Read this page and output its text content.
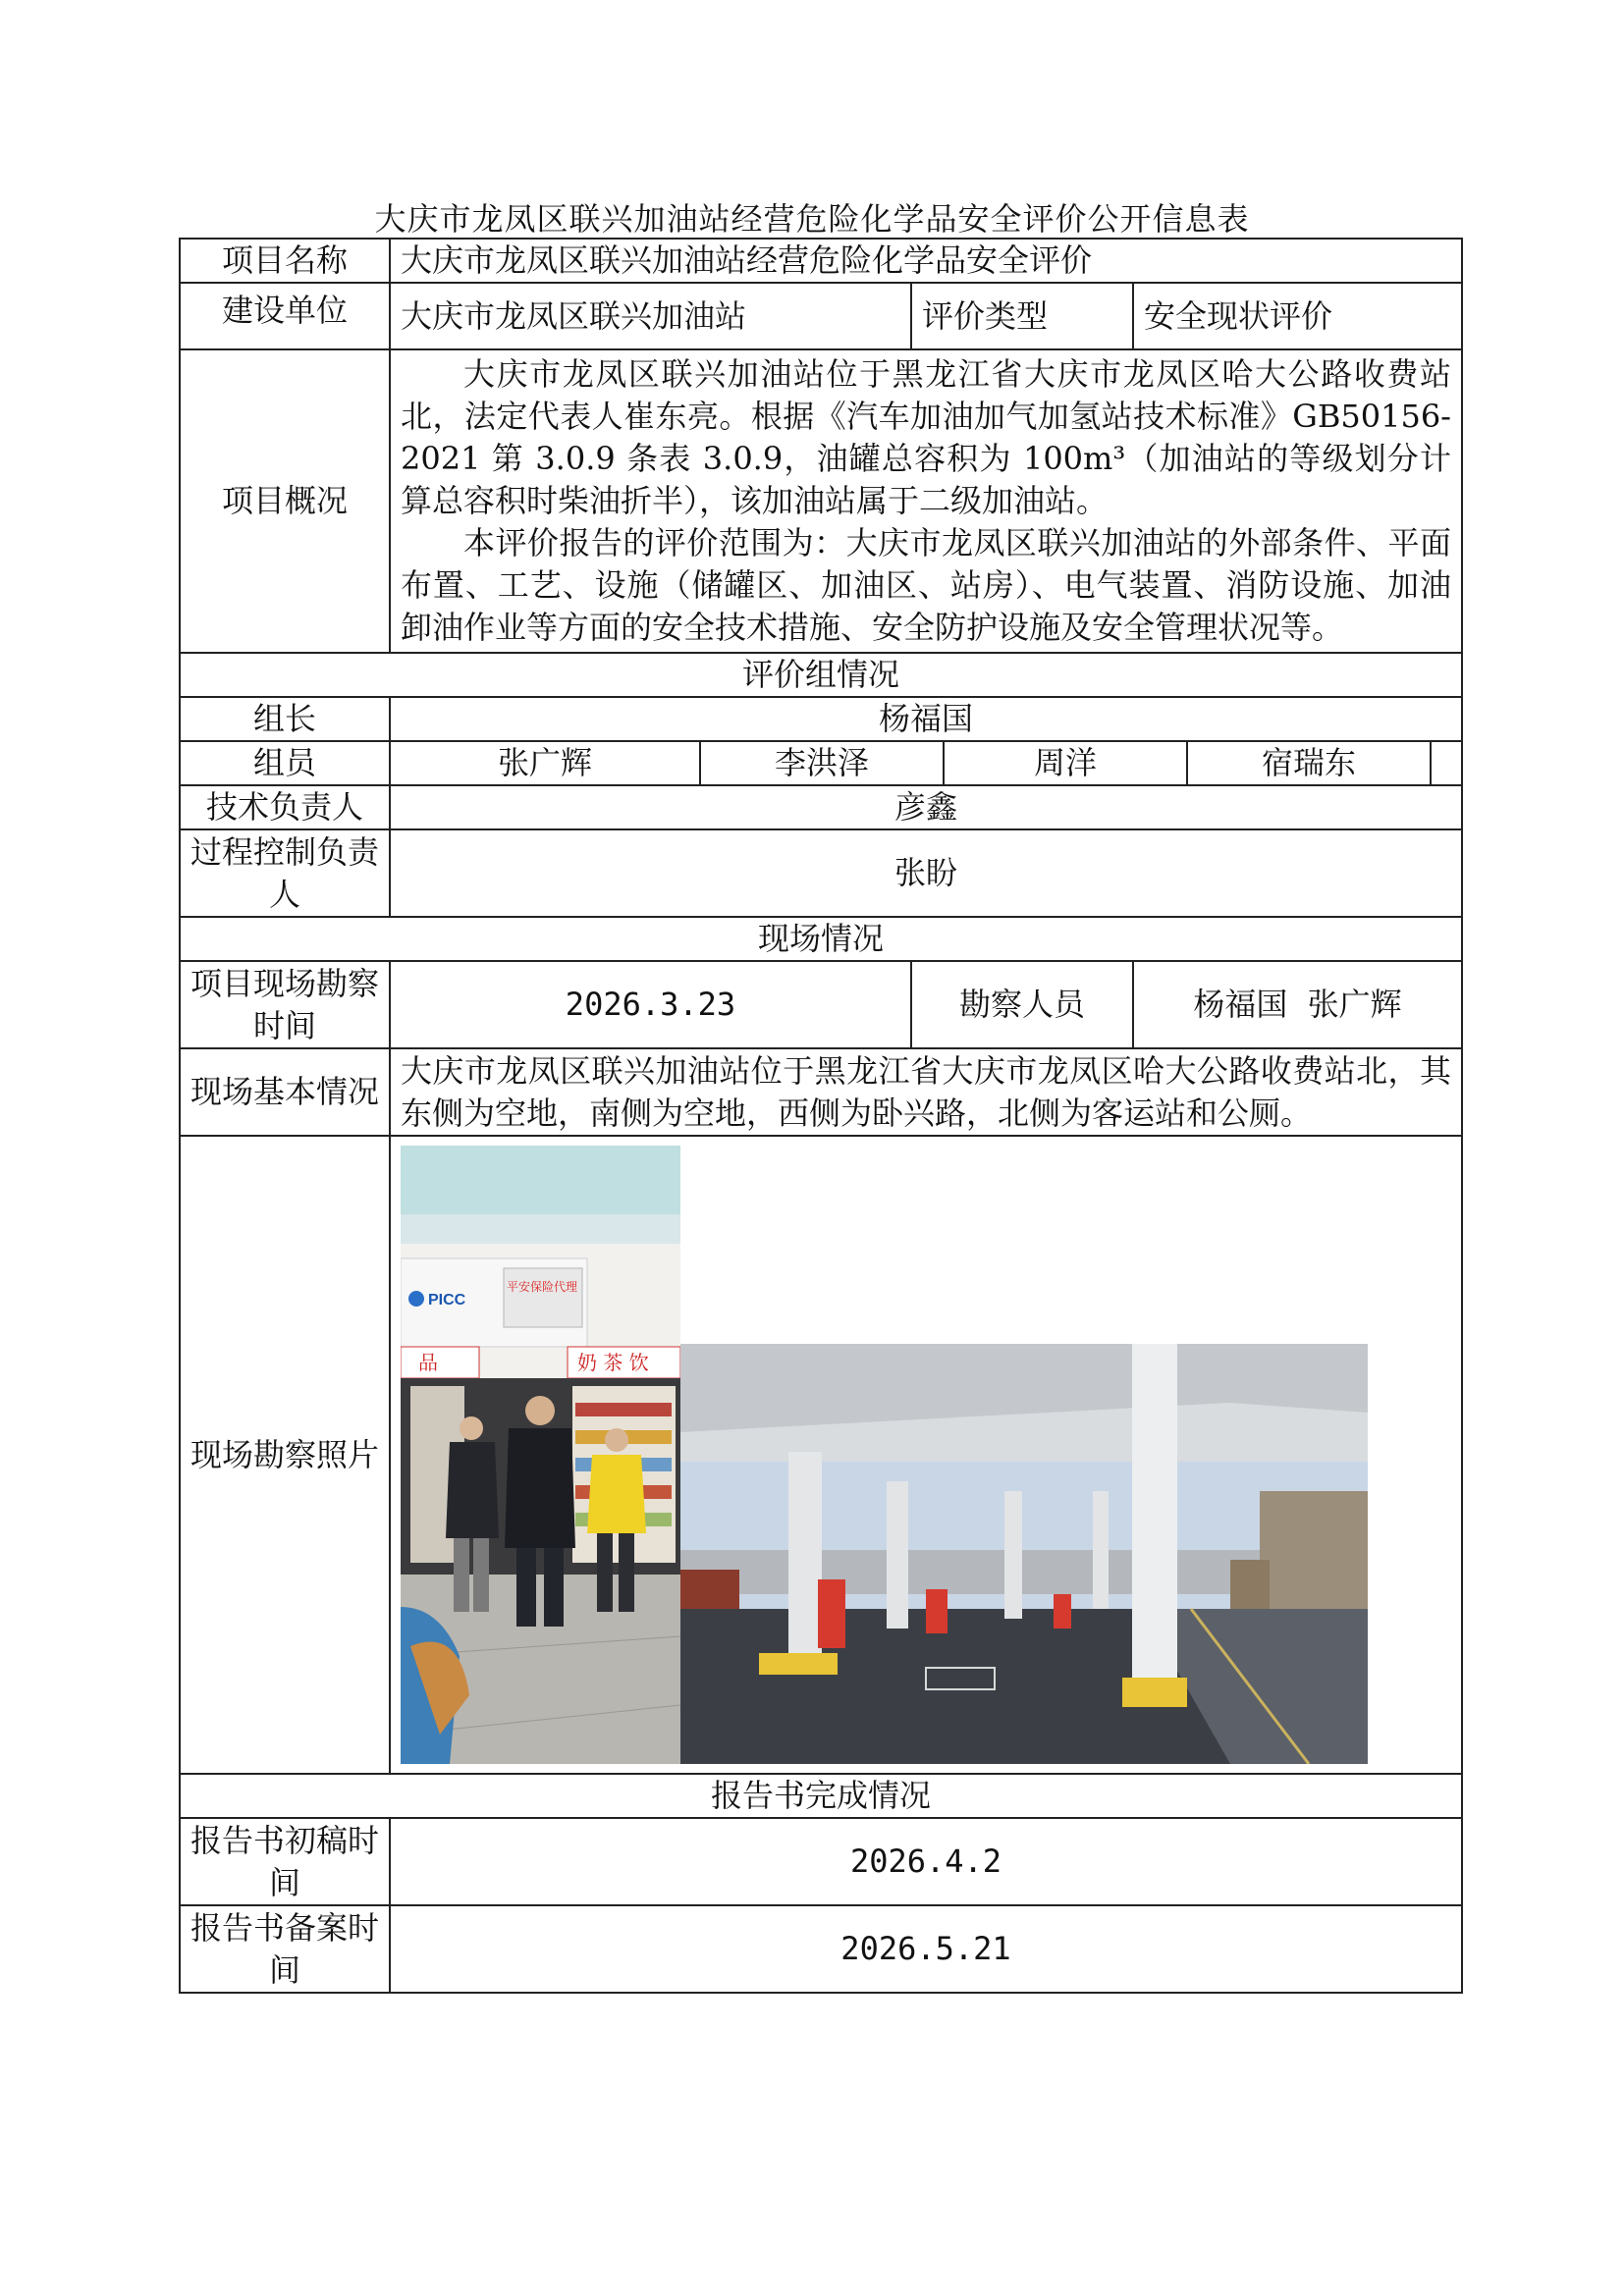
大庆市龙凤区联兴加油站经营危险化学品安全评价公开信息表
项目名称	大庆市龙凤区联兴加油站经营危险化学品安全评价
建设单位	大庆市龙凤区联兴加油站	评价类型	安全现状评价
项目概况	

大庆市龙凤区联兴加油站位于黑龙江省大庆市龙凤区哈大公路收费站北，法定代表人崔东亮。根据《汽车加油加气加氢站技术标准》GB50156-2021 第 3.0.9 条表 3.0.9，油罐总容积为 100m³（加油站的等级划分计算总容积时柴油折半），该加油站属于二级加油站。

本评价报告的评价范围为：大庆市龙凤区联兴加油站的外部条件、平面布置、工艺、设施（储罐区、加油区、站房）、电气装置、消防设施、加油卸油作业等方面的安全技术措施、安全防护设施及安全管理状况等。

评价组情况
组长	杨福国
组员		张广辉	李洪泽	周洋	宿瑞东	

技术负责人	彦鑫
过程控制负责人	张盼
现场情况
项目现场勘察时间	2026.3.23	勘察人员	杨福国  张广辉
现场基本情况	大庆市龙凤区联兴加油站位于黑龙江省大庆市龙凤区哈大公路收费站北，其东侧为空地，南侧为空地，西侧为卧兴路，北侧为客运站和公厕。
现场勘察照片	
平安保险代理
PICC
品	奶 茶 饮

报告书完成情况
报告书初稿时间	2026.4.2
报告书备案时间	2026.5.21
